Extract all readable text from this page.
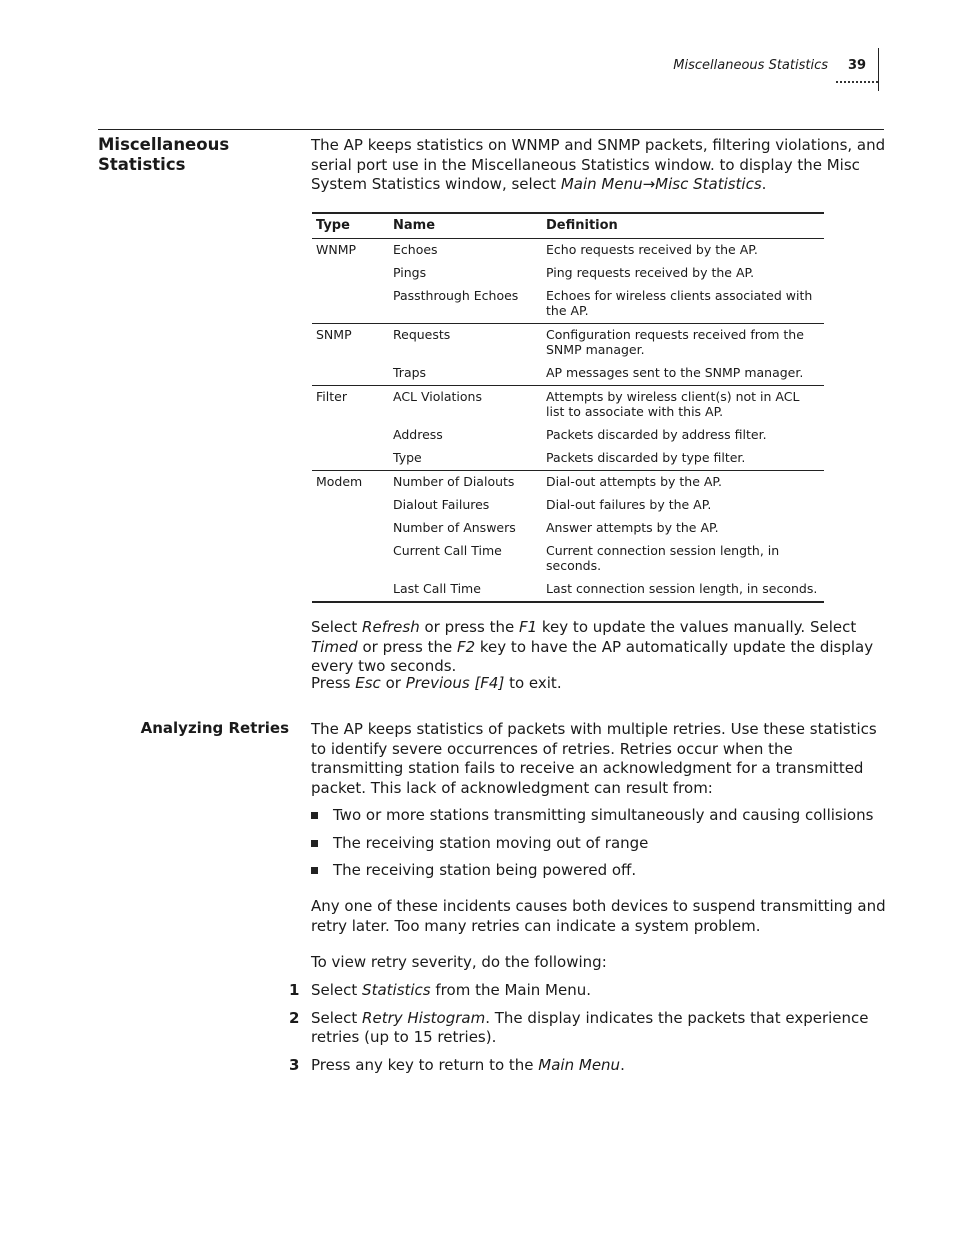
Miscellaneous Statistics 39
Miscellaneous Statistics
The AP keeps statistics on WNMP and SNMP packets, filtering violations, and serial port use in the Miscellaneous Statistics window. to display the Misc System Statistics window, select Main Menu→Misc Statistics.
Type	Name	Definition
WNMP	Echoes	Echo requests received by the AP.
	Pings	Ping requests received by the AP.
	Passthrough Echoes	Echoes for wireless clients associated with the AP.
SNMP	Requests	Configuration requests received from the SNMP manager.
	Traps	AP messages sent to the SNMP manager.
Filter	ACL Violations	Attempts by wireless client(s) not in ACL list to associate with this AP.
	Address	Packets discarded by address filter.
	Type	Packets discarded by type filter.
Modem	Number of Dialouts	Dial-out attempts by the AP.
	Dialout Failures	Dial-out failures by the AP.
	Number of Answers	Answer attempts by the AP.
	Current Call Time	Current connection session length, in seconds.
	Last Call Time	Last connection session length, in seconds.
Select Refresh or press the F1 key to update the values manually. Select Timed or press the F2 key to have the AP automatically update the display every two seconds.
Press Esc or Previous [F4] to exit.
Analyzing Retries The AP keeps statistics of packets with multiple retries. Use these statistics to identify severe occurrences of retries. Retries occur when the transmitting station fails to receive an acknowledgment for a transmitted packet. This lack of acknowledgment can result from:
Two or more stations transmitting simultaneously and causing collisions
The receiving station moving out of range
The receiving station being powered off.
Any one of these incidents causes both devices to suspend transmitting and retry later. Too many retries can indicate a system problem.
To view retry severity, do the following:
1 Select Statistics from the Main Menu.
2 Select Retry Histogram. The display indicates the packets that experience retries (up to 15 retries).
3 Press any key to return to the Main Menu.
